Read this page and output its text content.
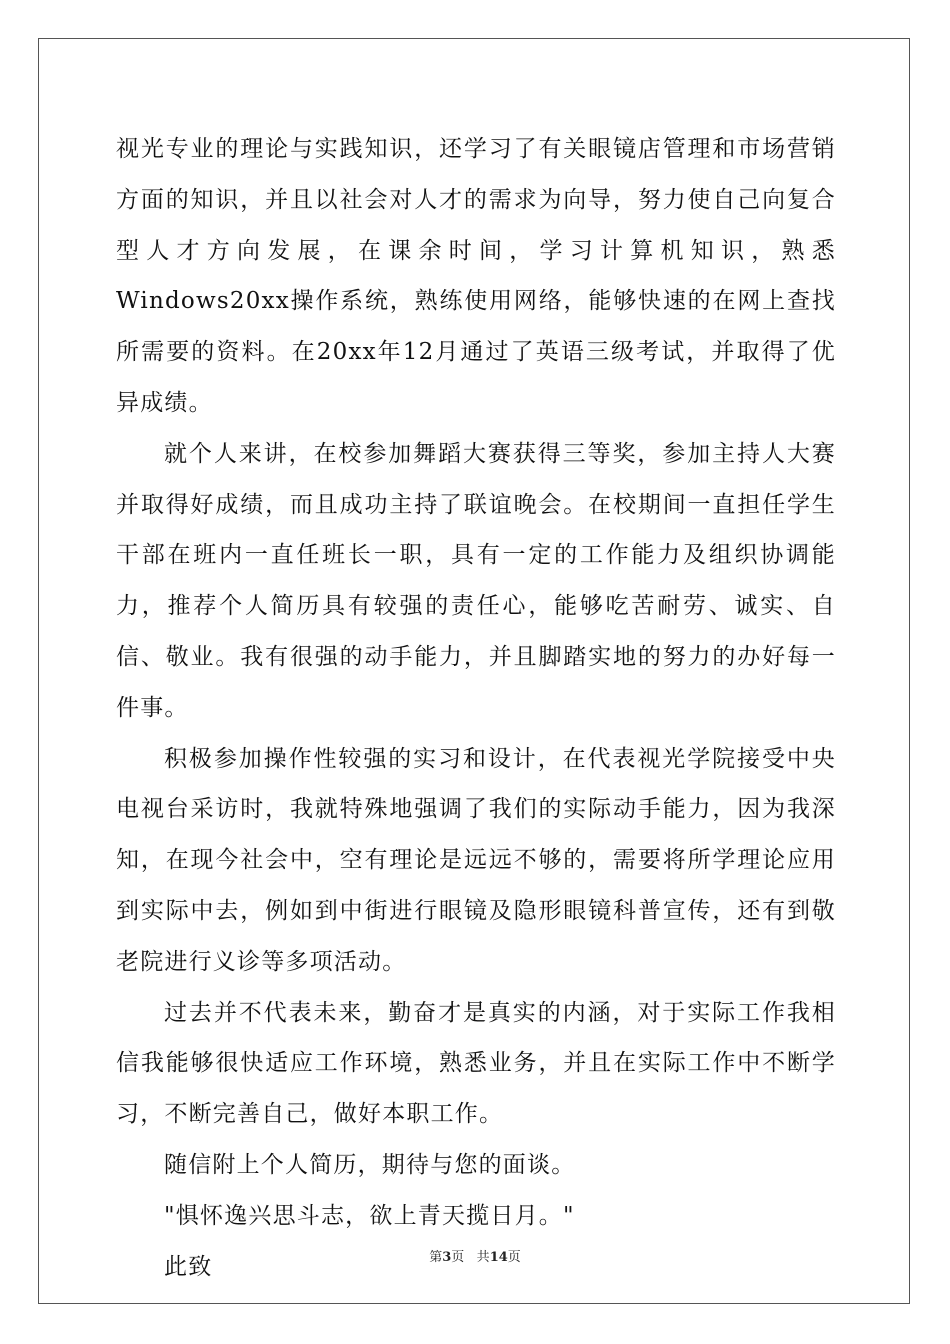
视光专业的理论与实践知识，还学习了有关眼镜店管理和市场营销方面的知识，并且以社会对人才的需求为向导，努力使自己向复合型人才方向发展，在课余时间，学习计算机知识，熟悉Windows20xx操作系统，熟练使用网络，能够快速的在网上查找所需要的资料。在20xx年12月通过了英语三级考试，并取得了优异成绩。

就个人来讲，在校参加舞蹈大赛获得三等奖，参加主持人大赛并取得好成绩，而且成功主持了联谊晚会。在校期间一直担任学生干部在班内一直任班长一职，具有一定的工作能力及组织协调能力，推荐个人简历具有较强的责任心，能够吃苦耐劳、诚实、自信、敬业。我有很强的动手能力，并且脚踏实地的努力的办好每一件事。

积极参加操作性较强的实习和设计，在代表视光学院接受中央电视台采访时，我就特殊地强调了我们的实际动手能力，因为我深知，在现今社会中，空有理论是远远不够的，需要将所学理论应用到实际中去，例如到中街进行眼镜及隐形眼镜科普宣传，还有到敬老院进行义诊等多项活动。

过去并不代表未来，勤奋才是真实的内涵，对于实际工作我相信我能够很快适应工作环境，熟悉业务，并且在实际工作中不断学习，不断完善自己，做好本职工作。

随信附上个人简历，期待与您的面谈。

"惧怀逸兴思斗志，欲上青天揽日月。"

此致	第3页 共14页
